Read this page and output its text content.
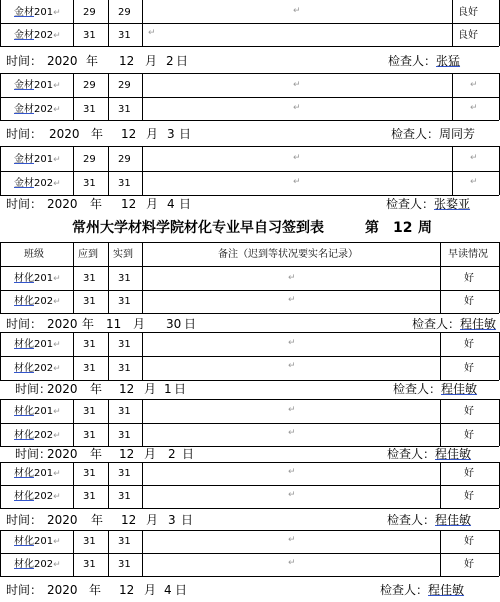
金材201↵ 29 29	↵	良好
金材202↵ 31 31 ↵	良好
时间： 2020 年 12 月 2 日	检查人：张猛
金材201↵ 29 29	↵	↵
金材202↵ 31 31	↵	↵
时间： 2020 年 12 月 3 日	检查人：周同芳
金材201↵ 29 29	↵	↵
金材202↵ 31 31	↵	↵
时间： 2020 年 12 月 4 日	检查人：张婺亚
常州大学材料学院材化专业早自习签到表	第 12 周
班级	应到 实到	备注（迟到等状况要实名记录）	早读情况
材化201↵ 31 31	↵	好
材化202↵ 31 31	↵	好
时间： 2020 年 11 月 30 日	检查人：程佳敏
材化201↵ 31 31	↵	好
材化202↵ 31 31	↵	好
时间：
2020 年 12 月 1 日	检查人：程佳敏
材化201↵ 31 31	↵	好
材化202↵ 31 31	↵	好
时间：
2020 年 12 月 2 日	检查人：程佳敏
材化201↵ 31 31	↵	好
材化202↵ 31 31	↵	好
时间： 2020 年 12 月 3 日	检查人：程佳敏
材化201↵ 31 31	↵	好
材化202↵ 31 31	↵	好
时间： 2020 年 12 月 4 日	检查人：程佳敏
